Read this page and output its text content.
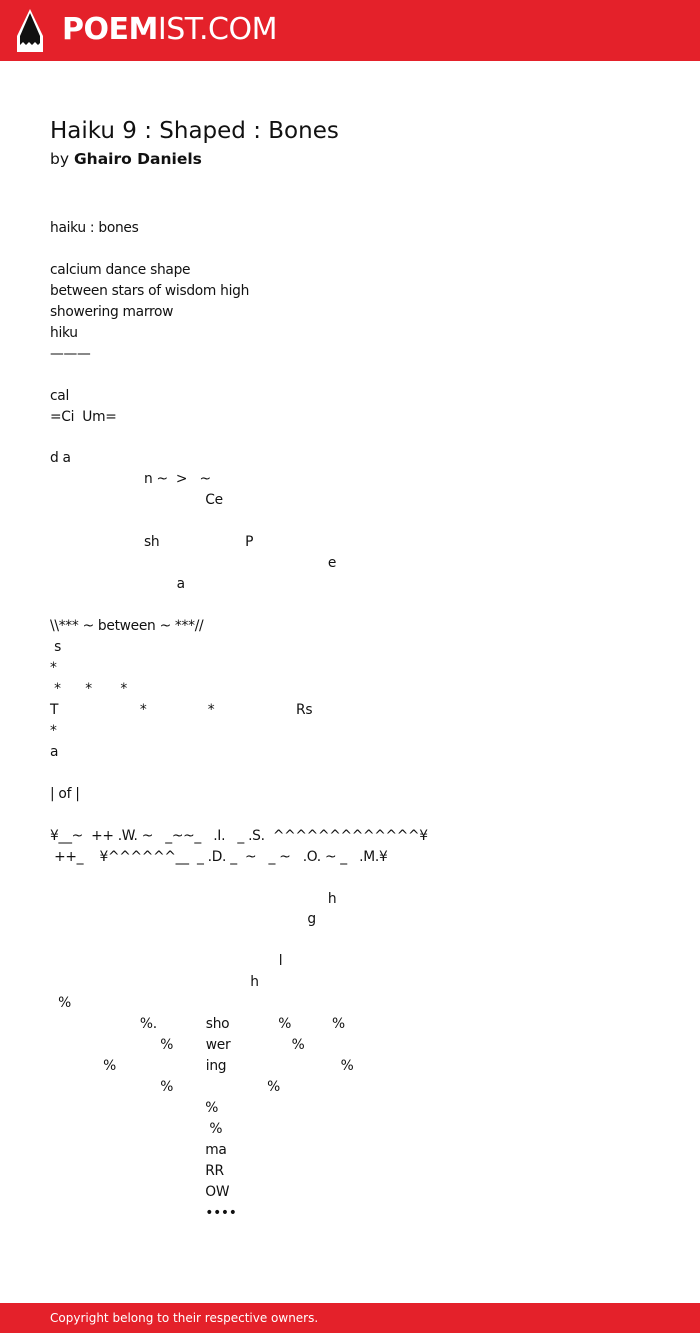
POEMIST.COM
Haiku 9 : Shaped : Bones
by Ghairo Daniels
haiku : bones

calcium dance shape
between stars of wisdom high
showering marrow
hiku
———

cal
=Ci  Um=

d a
n ~  >   ~
Ce

sh                     P
e
a

\\*** ~ between ~ ***//
s
*
*      *       *
T                    *               *                    Rs
*
a

| of |

¥__~  ++ .W. ~   _~~_   .I.   _ .S.  ^^^^^^^^^^^^^¥
++_    ¥^^^^^^__  _ .D. _  ~   _ ~   .O. ~ _   .M.¥

h
g

l
h
%
%.            sho            %          %
%        wer               %
%                      ing                            %
%                       %
%
%
ma
RR
OW
••••
Copyright belong to their respective owners.
